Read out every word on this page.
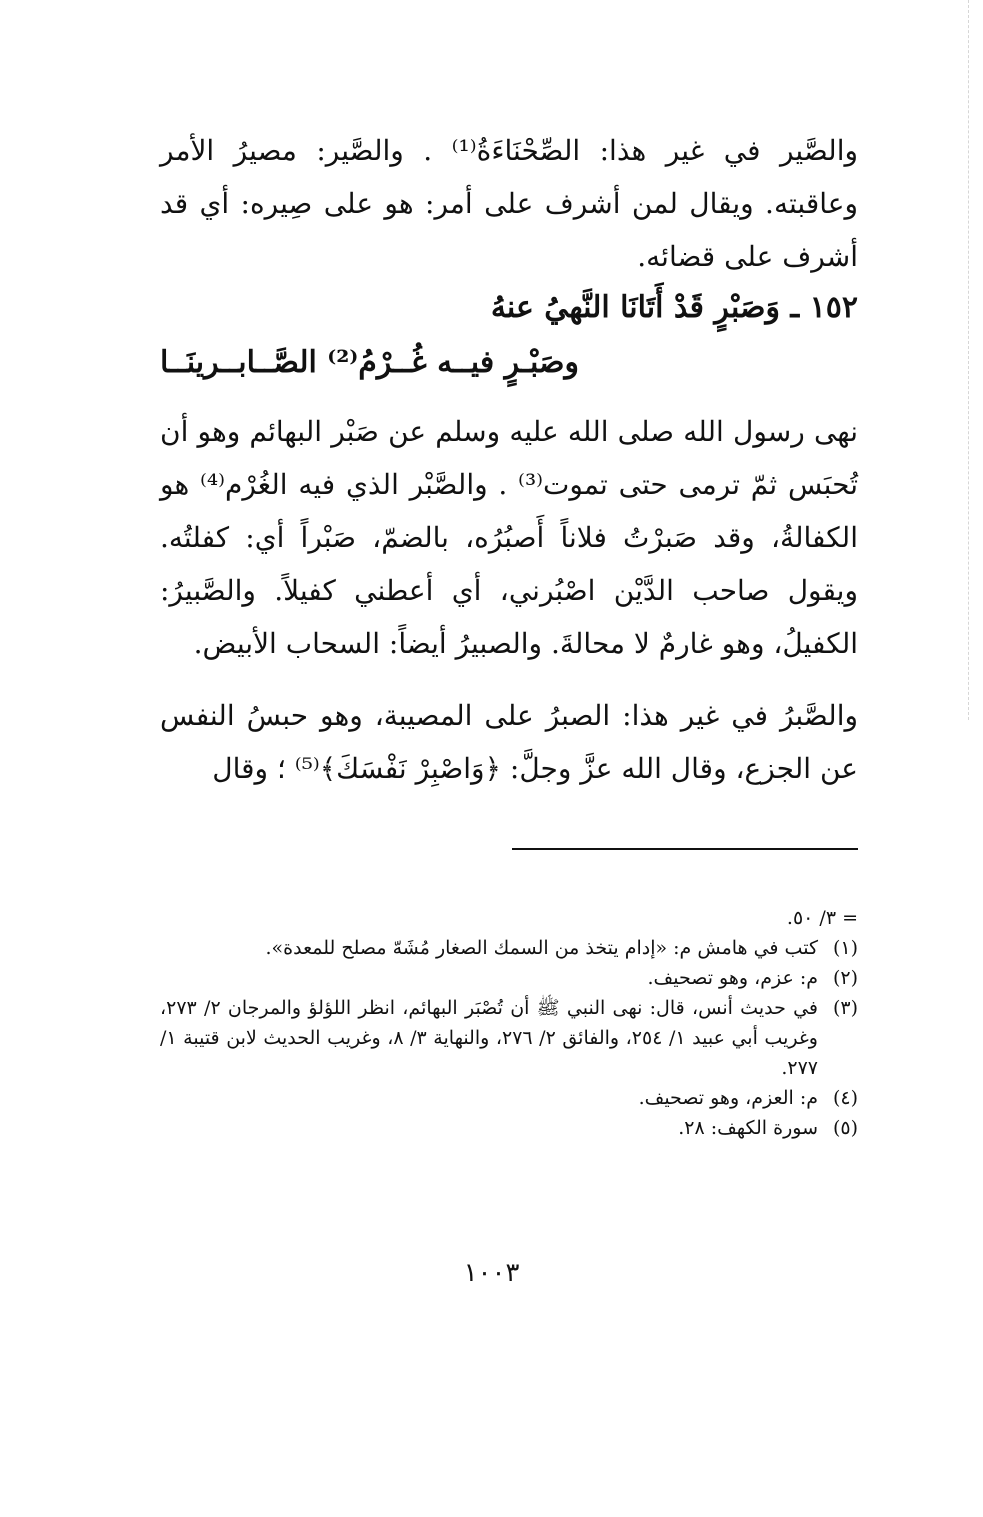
والصَّير في غير هذا: الصِّحْنَاءَةُ⁽¹⁾ . والصَّير: مصيرُ الأمر وعاقبته. ويقال لمن أشرف على أمر: هو على صِيره: أي قد أشرف على قضائه.

١٥٢ ـ وَصَبْرٍ قَدْ أَتَانَا النَّهيُ عنهُ
وصَبْـرٍ فيــه غُــرْمُ⁽²⁾ الصَّــابــرينَــا

نهى رسول الله صلى الله عليه وسلم عن صَبْر البهائم وهو أن تُحبَس ثمّ ترمى حتى تموت⁽³⁾ . والصَّبْر الذي فيه الغُرْم⁽⁴⁾ هو الكفالةُ، وقد صَبرْتُ فلاناً أَصبُرُه، بالضمّ، صَبْراً أي: كفلتُه. ويقول صاحب الدَّيْن اصْبُرني، أي أعطني كفيلاً. والصَّبيرُ: الكفيلُ، وهو غارمٌ لا محالةَ. والصبيرُ أيضاً: السحاب الأبيض.

والصَّبرُ في غير هذا: الصبرُ على المصيبة، وهو حبسُ النفس عن الجزع، وقال الله عزَّ وجلَّ: ﴿وَاصْبِرْ نَفْسَكَ﴾⁽⁵⁾ ؛ وقال

= ٣/ ٥٠.
(١)
كتب في هامش م: «إدام يتخذ من السمك الصغار مُشَهّ مصلح للمعدة».
(٢)
م: عزم، وهو تصحيف.
(٣)
في حديث أنس، قال: نهى النبي ﷺ أن تُصْبَر البهائم، انظر اللؤلؤ والمرجان ٢/ ٢٧٣، وغريب أبي عبيد ١/ ٢٥٤، والفائق ٢/ ٢٧٦، والنهاية ٣/ ٨، وغريب الحديث لابن قتيبة ١/ ٢٧٧.
(٤)
م: العزم، وهو تصحيف.
(٥)
سورة الكهف: ٢٨.
١٠٠٣
